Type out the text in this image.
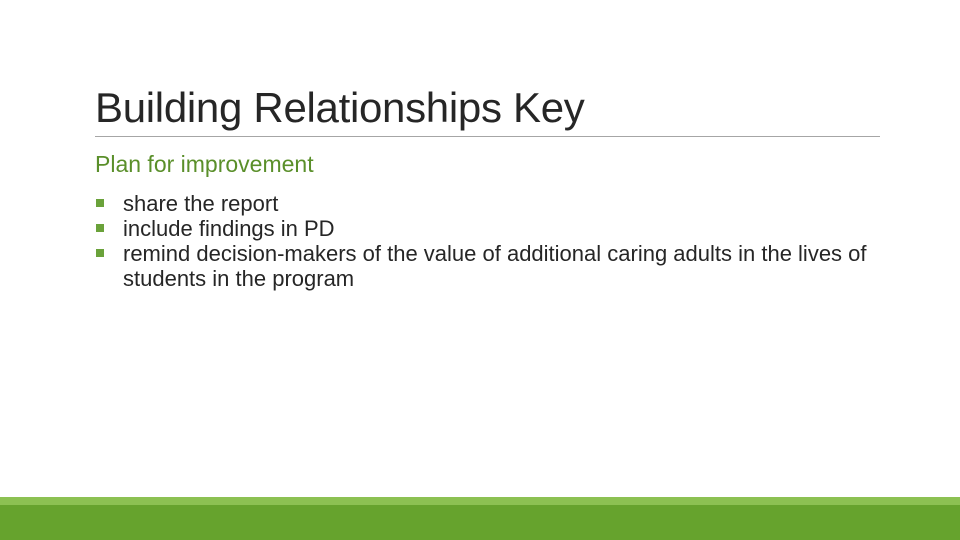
Building Relationships Key
Plan for improvement
share the report
include findings in PD
remind decision-makers of the value of additional caring adults in the lives of students in the program
